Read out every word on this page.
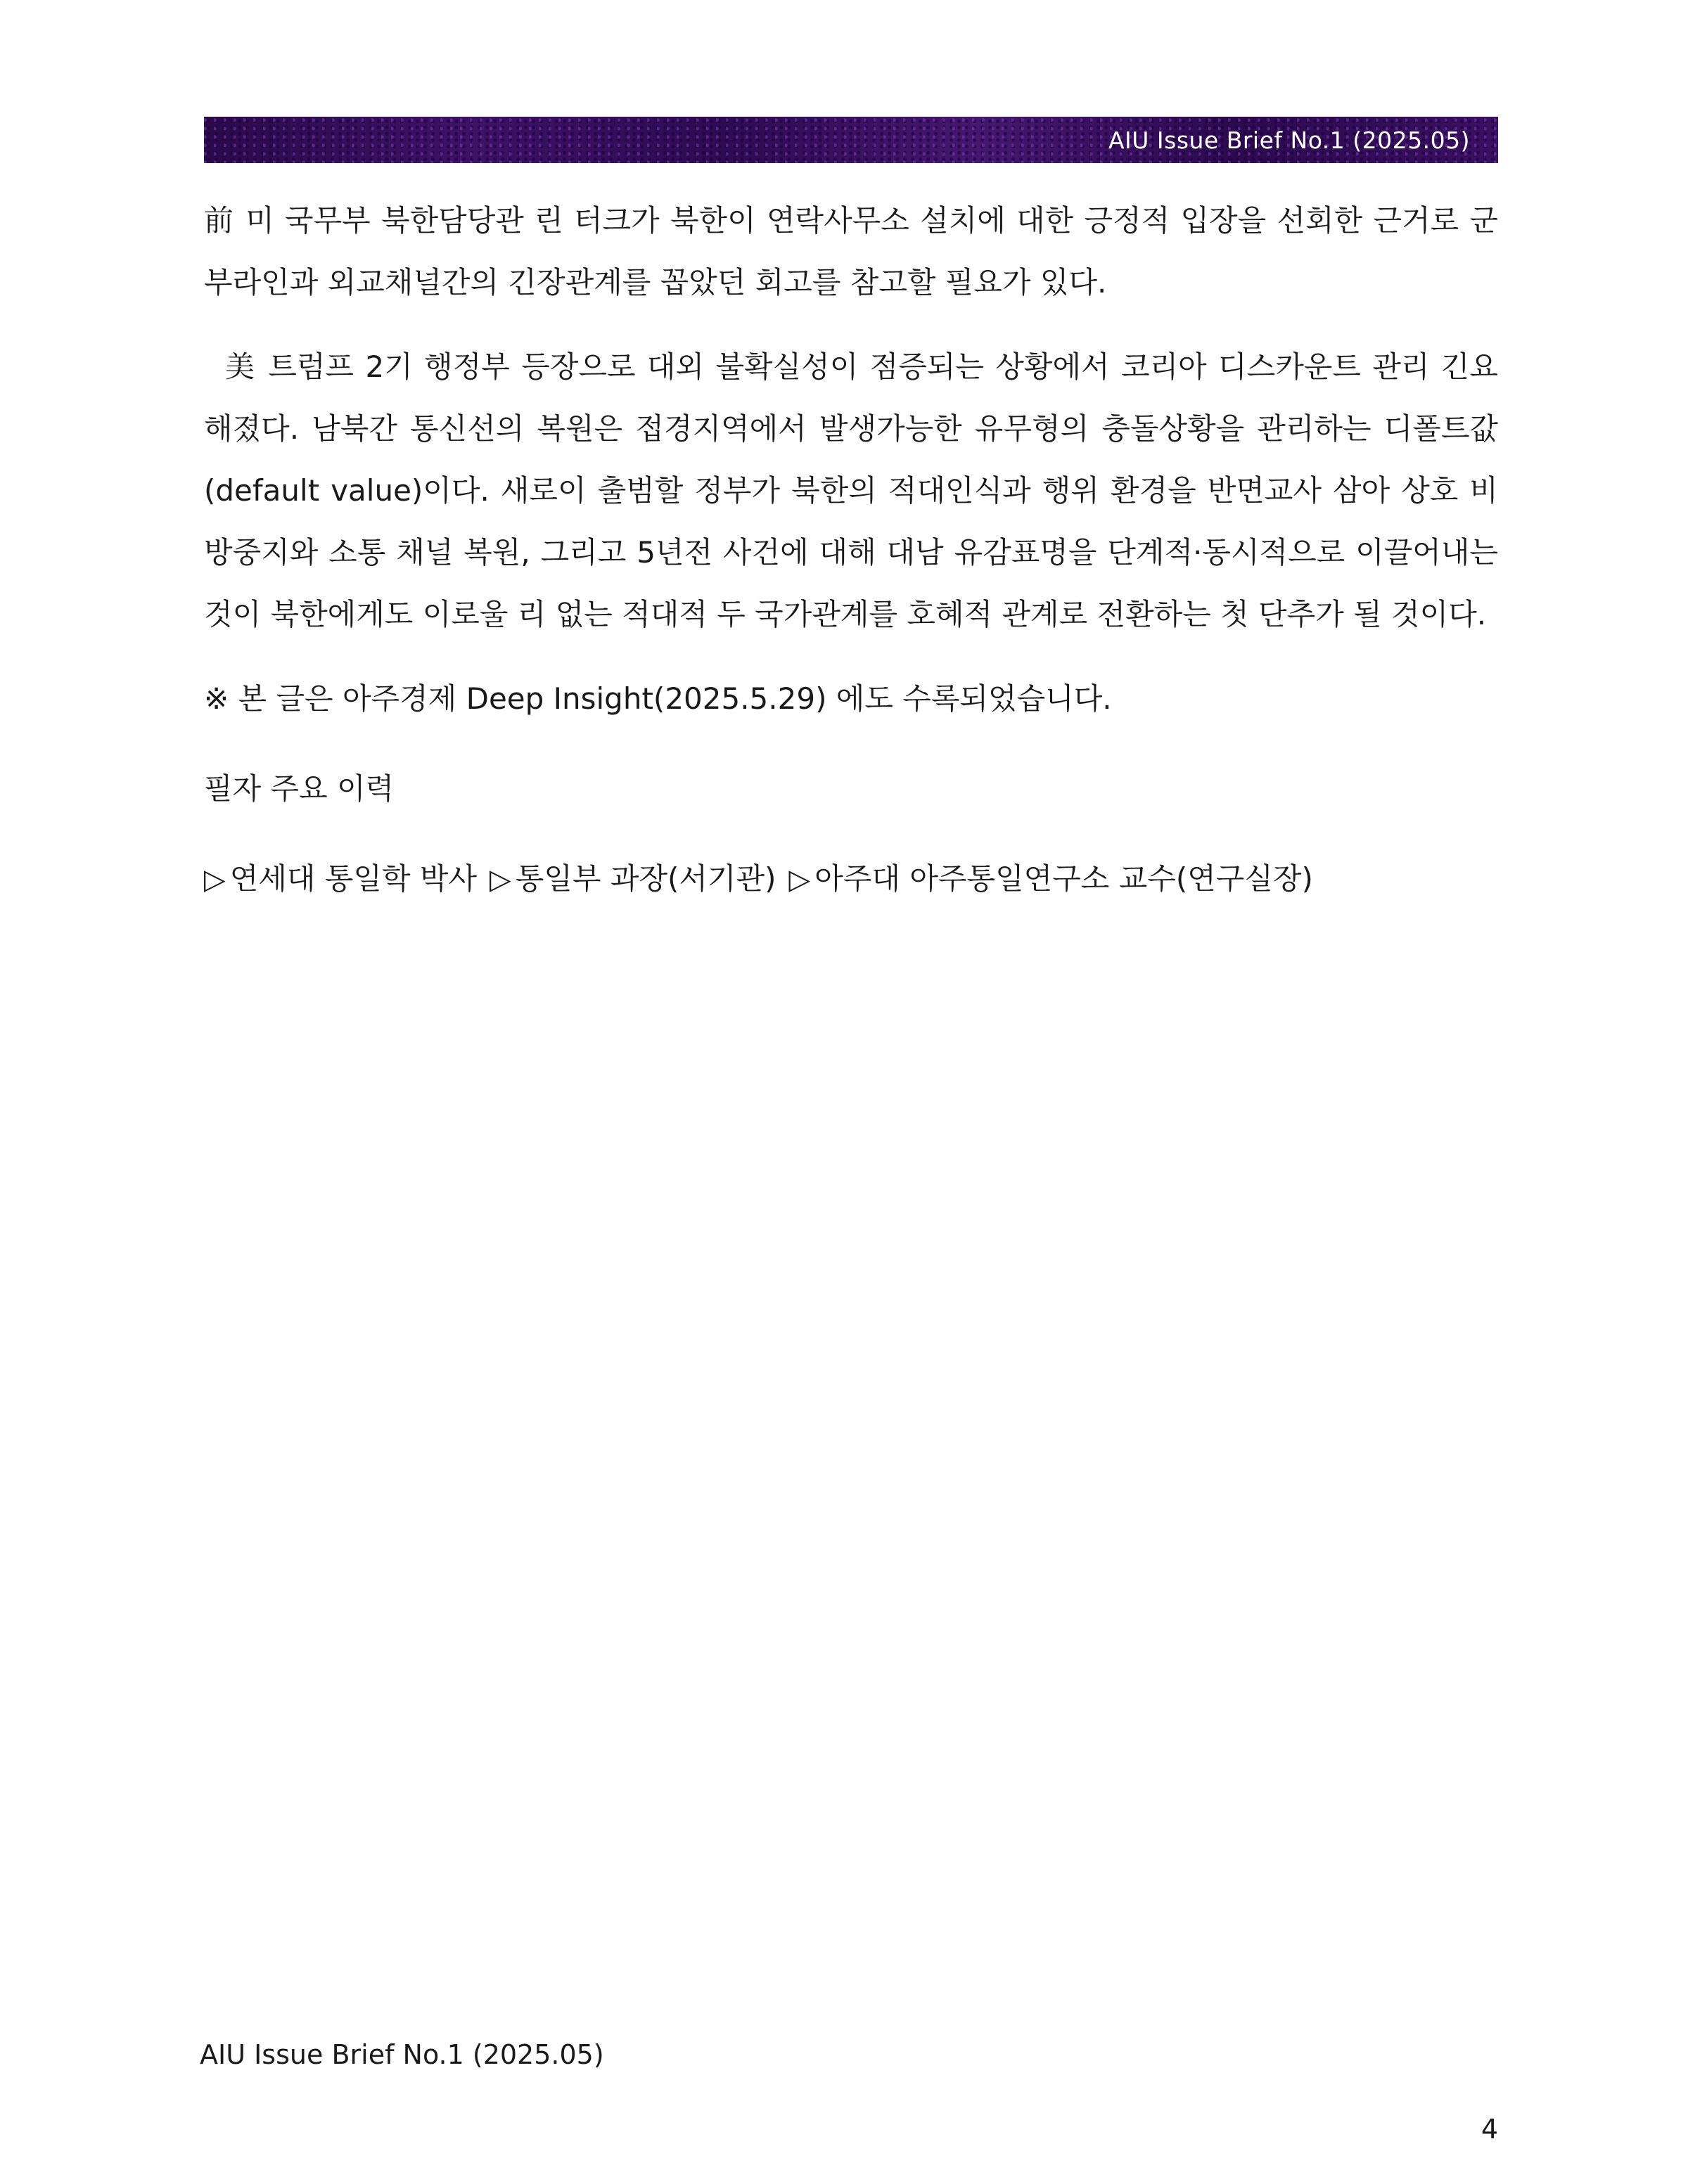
AIU Issue Brief No.1 (2025.05)

前 미 국무부 북한담당관 린 터크가 북한이 연락사무소 설치에 대한 긍정적 입장을 선회한 근거로 군부라인과 외교채널간의 긴장관계를 꼽았던 회고를 참고할 필요가 있다.

美 트럼프 2기 행정부 등장으로 대외 불확실성이 점증되는 상황에서 코리아 디스카운트 관리 긴요해졌다. 남북간 통신선의 복원은 접경지역에서 발생가능한 유무형의 충돌상황을 관리하는 디폴트값(default value)이다. 새로이 출범할 정부가 북한의 적대인식과 행위 환경을 반면교사 삼아 상호 비방중지와 소통 채널 복원, 그리고 5년전 사건에 대해 대남 유감표명을 단계적·동시적으로 이끌어내는 것이 북한에게도 이로울 리 없는 적대적 두 국가관계를 호혜적 관계로 전환하는 첫 단추가 될 것이다.

※ 본 글은 아주경제 Deep Insight(2025.5.29) 에도 수록되었습니다.

필자 주요 이력

▷ 연세대 통일학 박사 ▷ 통일부 과장(서기관) ▷ 아주대 아주통일연구소 교수(연구실장)

AIU Issue Brief No.1 (2025.05)
4
